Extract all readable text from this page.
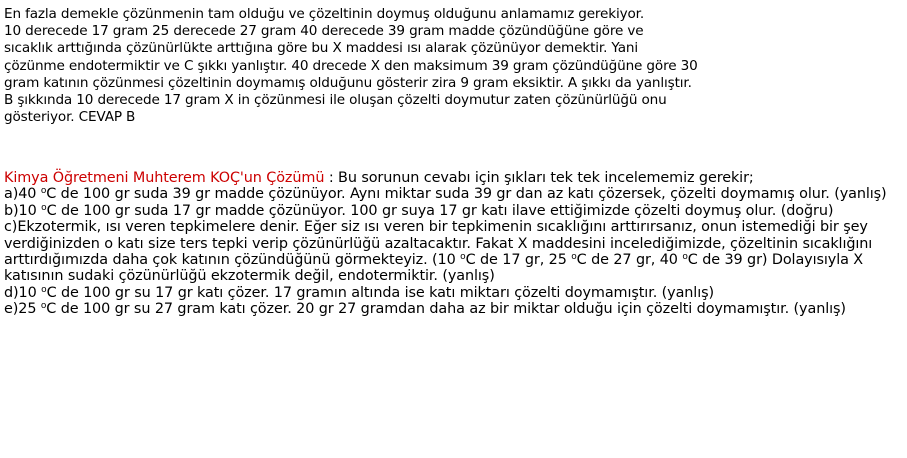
En fazla demekle çözünmenin tam olduğu ve çözeltinin doymuş olduğunu anlamamız gerekiyor.
10 derecede 17 gram 25 derecede 27 gram 40 derecede 39 gram madde çözündüğüne göre ve
sıcaklık arttığında çözünürlükte arttığına göre bu X maddesi ısı alarak çözünüyor demektir. Yani
çözünme endotermiktir ve C şıkkı yanlıştır. 40 drecede X den maksimum 39 gram çözündüğüne göre 30
gram katının çözünmesi çözeltinin doymamış olduğunu gösterir zira 9 gram eksiktir. A şıkkı da yanlıştır.
B şıkkında 10 derecede 17 gram X in çözünmesi ile oluşan çözelti doymutur zaten çözünürlüğü onu
gösteriyor. CEVAP B
Kimya Öğretmeni Muhterem KOÇ'un Çözümü : Bu sorunun cevabı için şıkları tek tek incelememiz gerekir;
a)40 $^o$C de 100 gr suda 39 gr madde çözünüyor. Aynı miktar suda 39 gr dan az katı çözersek, çözelti doymamış olur. (yanlış)
b)10 $^o$C de 100 gr suda 17 gr madde çözünüyor. 100 gr suya 17 gr katı ilave ettiğimizde çözelti doymuş olur. (doğru)
c)Ekzotermik, ısı veren tepkimelere denir. Eğer siz ısı veren bir tepkimenin sıcaklığını arttırırsanız, onun istemediği bir şey verdiğinizden o katı size ters tepki verip çözünürlüğü azaltacaktır. Fakat X maddesini incelediğimizde, çözeltinin sıcaklığını arttırdığımızda daha çok katının çözündüğünü görmekteyiz. (10 $^o$C de 17 gr, 25 $^o$C de 27 gr, 40 $^o$C de 39 gr) Dolayısıyla X katısının sudaki çözünürlüğü ekzotermik değil, endotermiktir. (yanlış)
d)10 $^o$C de 100 gr su 17 gr katı çözer. 17 gramın altında ise katı miktarı çözelti doymamıştır. (yanlış)
e)25 $^o$C de 100 gr su 27 gram katı çözer. 20 gr 27 gramdan daha az bir miktar olduğu için çözelti doymamıştır. (yanlış)
